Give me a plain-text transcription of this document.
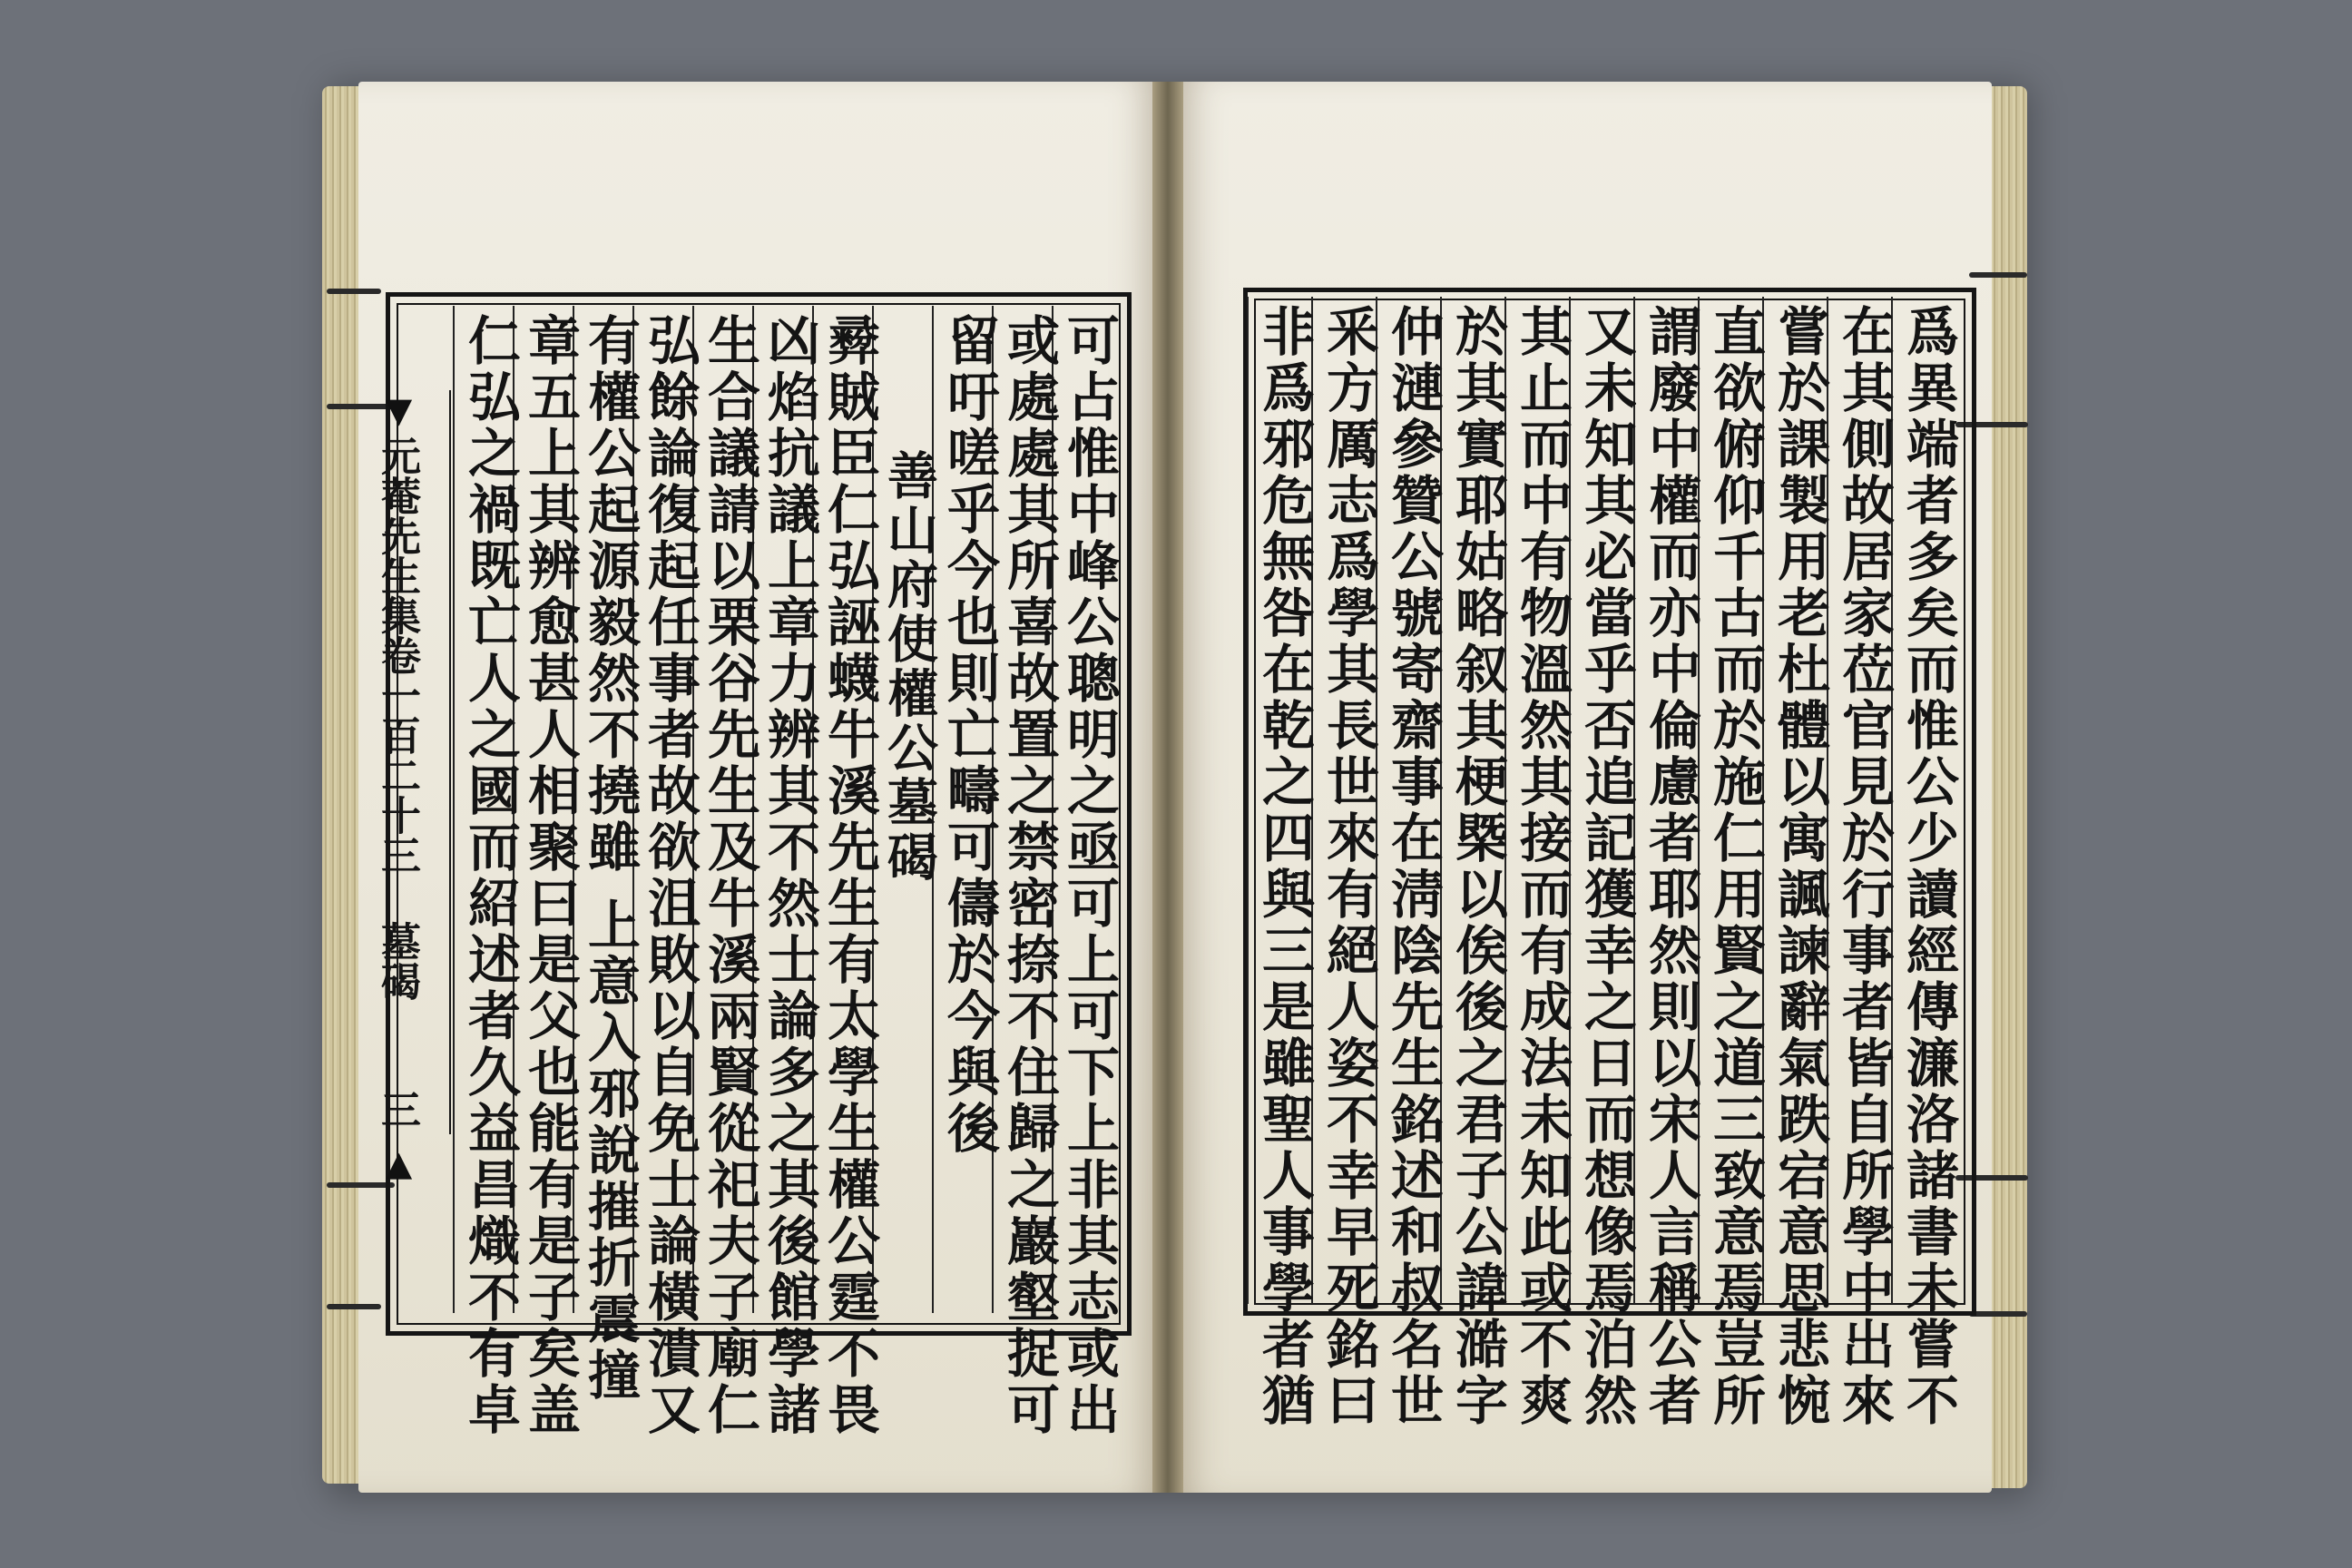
▼
▲
元菴先生集卷一百二十三
墓碣
三	可占惟中峰公聰明之亟可上可下上非其志或出
或處處其所喜故置之禁密捺不住歸之巖壑捉可
留吁嗟乎今也則亡疇可儔於今與後
善山府使權公墓碣
彛賊臣仁弘誣蠛牛溪先生有太學生權公霆不畏
凶焰抗議上章力辨其不然士論多之其後館學諸
生合議請以栗谷先生及牛溪兩賢從祀夫子廟仁
弘餘論復起任事者故欲沮敗以自免士論橫潰又
有權公起源毅然不撓雖 上意入邪說摧折震撞
章五上其辨愈甚人相聚曰是父也能有是子矣盖
仁弘之禍既亡人之國而紹述者久益昌熾不有卓	爲異端者多矣而惟公少讀經傳濂洛諸書未嘗不
在其側故居家莅官見於行事者皆自所學中出來
嘗於課製用老杜體以寓諷諫辭氣跌宕意思悲惋
直欲俯仰千古而於施仁用賢之道三致意焉豈所
謂廢中權而亦中倫慮者耶然則以宋人言稱公者
又未知其必當乎否追記獲幸之日而想像焉泊然
其止而中有物溫然其接而有成法未知此或不爽
於其實耶姑略叙其梗槩以俟後之君子公諱澔字
仲漣參贊公號寄齋事在淸陰先生銘述和叔名世
釆方厲志爲學其長世來有絕人姿不幸早死銘曰
非爲邪危無咎在乾之四與三是雖聖人事學者猶
